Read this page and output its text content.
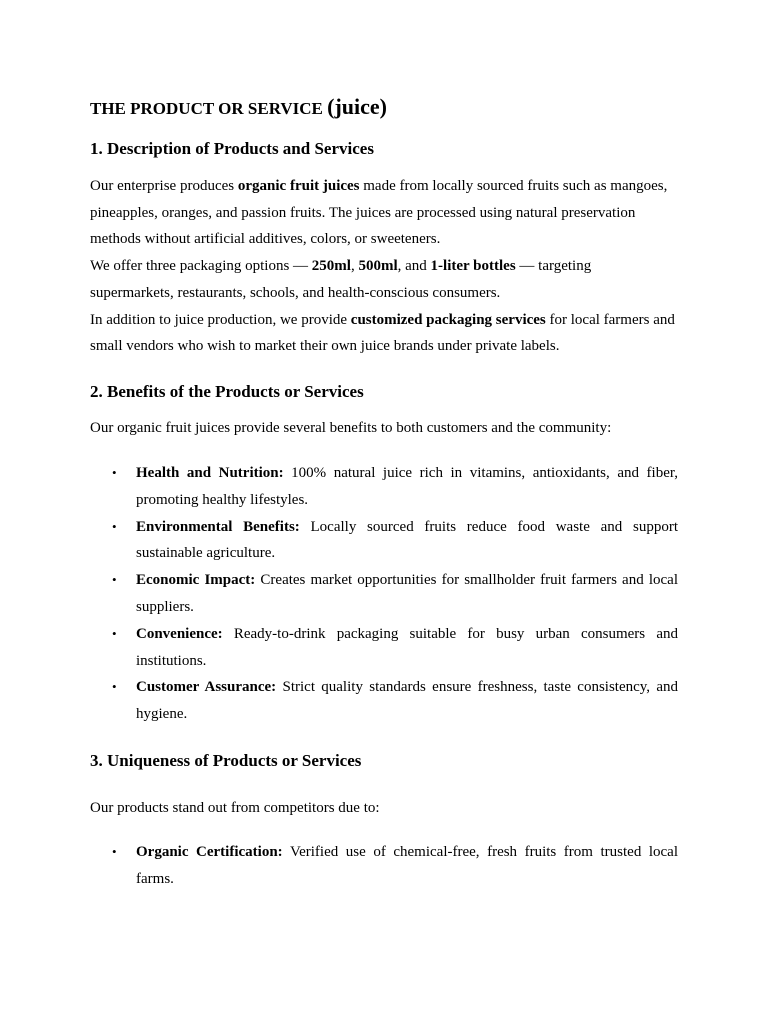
THE PRODUCT OR SERVICE (juice)
1. Description of Products and Services

Our enterprise produces organic fruit juices made from locally sourced fruits such as mangoes, pineapples, oranges, and passion fruits. The juices are processed using natural preservation methods without artificial additives, colors, or sweeteners.
We offer three packaging options — 250ml, 500ml, and 1-liter bottles — targeting supermarkets, restaurants, schools, and health-conscious consumers.
In addition to juice production, we provide customized packaging services for local farmers and small vendors who wish to market their own juice brands under private labels.

2. Benefits of the Products or Services

Our organic fruit juices provide several benefits to both customers and the community:

• Health and Nutrition: 100% natural juice rich in vitamins, antioxidants, and fiber, promoting healthy lifestyles.
• Environmental Benefits: Locally sourced fruits reduce food waste and support sustainable agriculture.
• Economic Impact: Creates market opportunities for smallholder fruit farmers and local suppliers.
• Convenience: Ready-to-drink packaging suitable for busy urban consumers and institutions.
• Customer Assurance: Strict quality standards ensure freshness, taste consistency, and hygiene.
3. Uniqueness of Products or Services

Our products stand out from competitors due to:

• Organic Certification: Verified use of chemical-free, fresh fruits from trusted local farms.
